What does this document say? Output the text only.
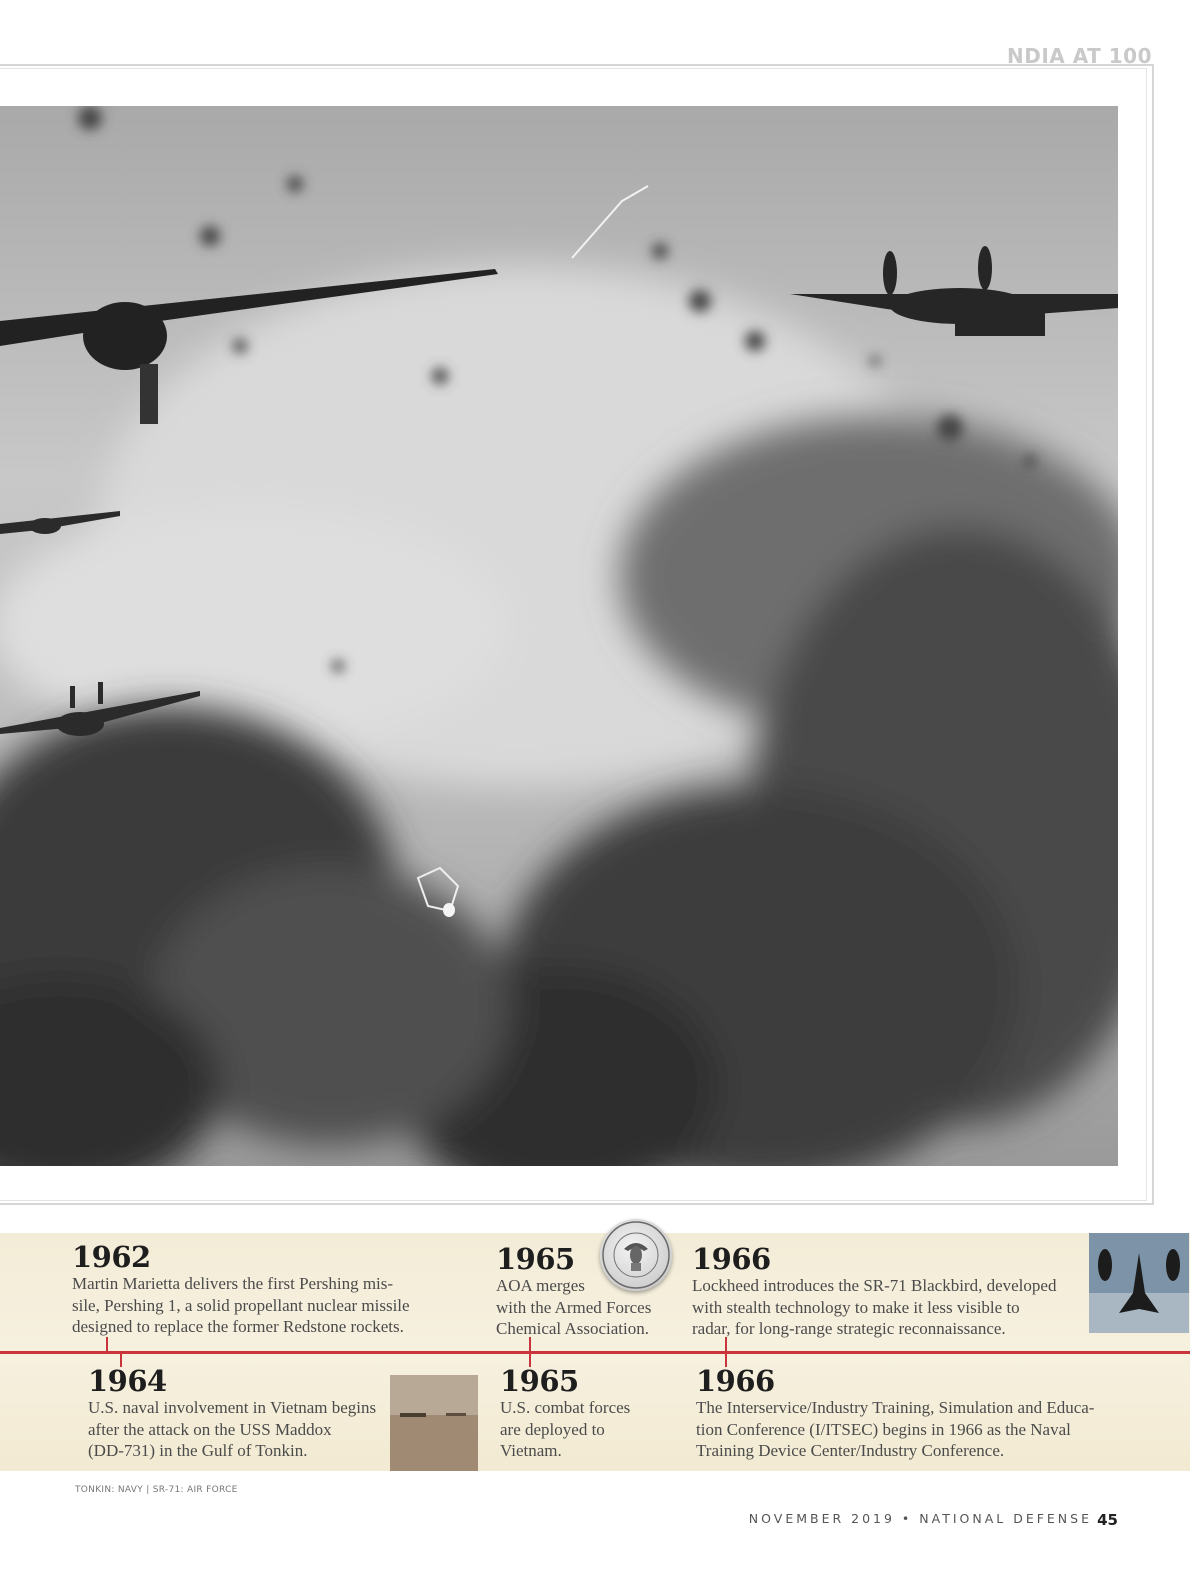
NDIA AT 100
1962
Martin Marietta delivers the first Pershing mis-
sile, Pershing 1, a solid propellant nuclear missile
designed to replace the former Redstone rockets.
1965
AOA merges
with the Armed Forces
Chemical Association.
1966
Lockheed introduces the SR-71 Blackbird, developed
with stealth technology to make it less visible to
radar, for long-range strategic reconnaissance.
1964
U.S. naval involvement in Vietnam begins
after the attack on the USS Maddox
(DD-731) in the Gulf of Tonkin.
1965
U.S. combat forces
are deployed to
Vietnam.
1966
The Interservice/Industry Training, Simulation and Educa-
tion Conference (I/ITSEC) begins in 1966 as the Naval
Training Device Center/Industry Conference.
TONKIN: NAVY | SR-71: AIR FORCE
NOVEMBER 2019 • NATIONAL DEFENSE 45
